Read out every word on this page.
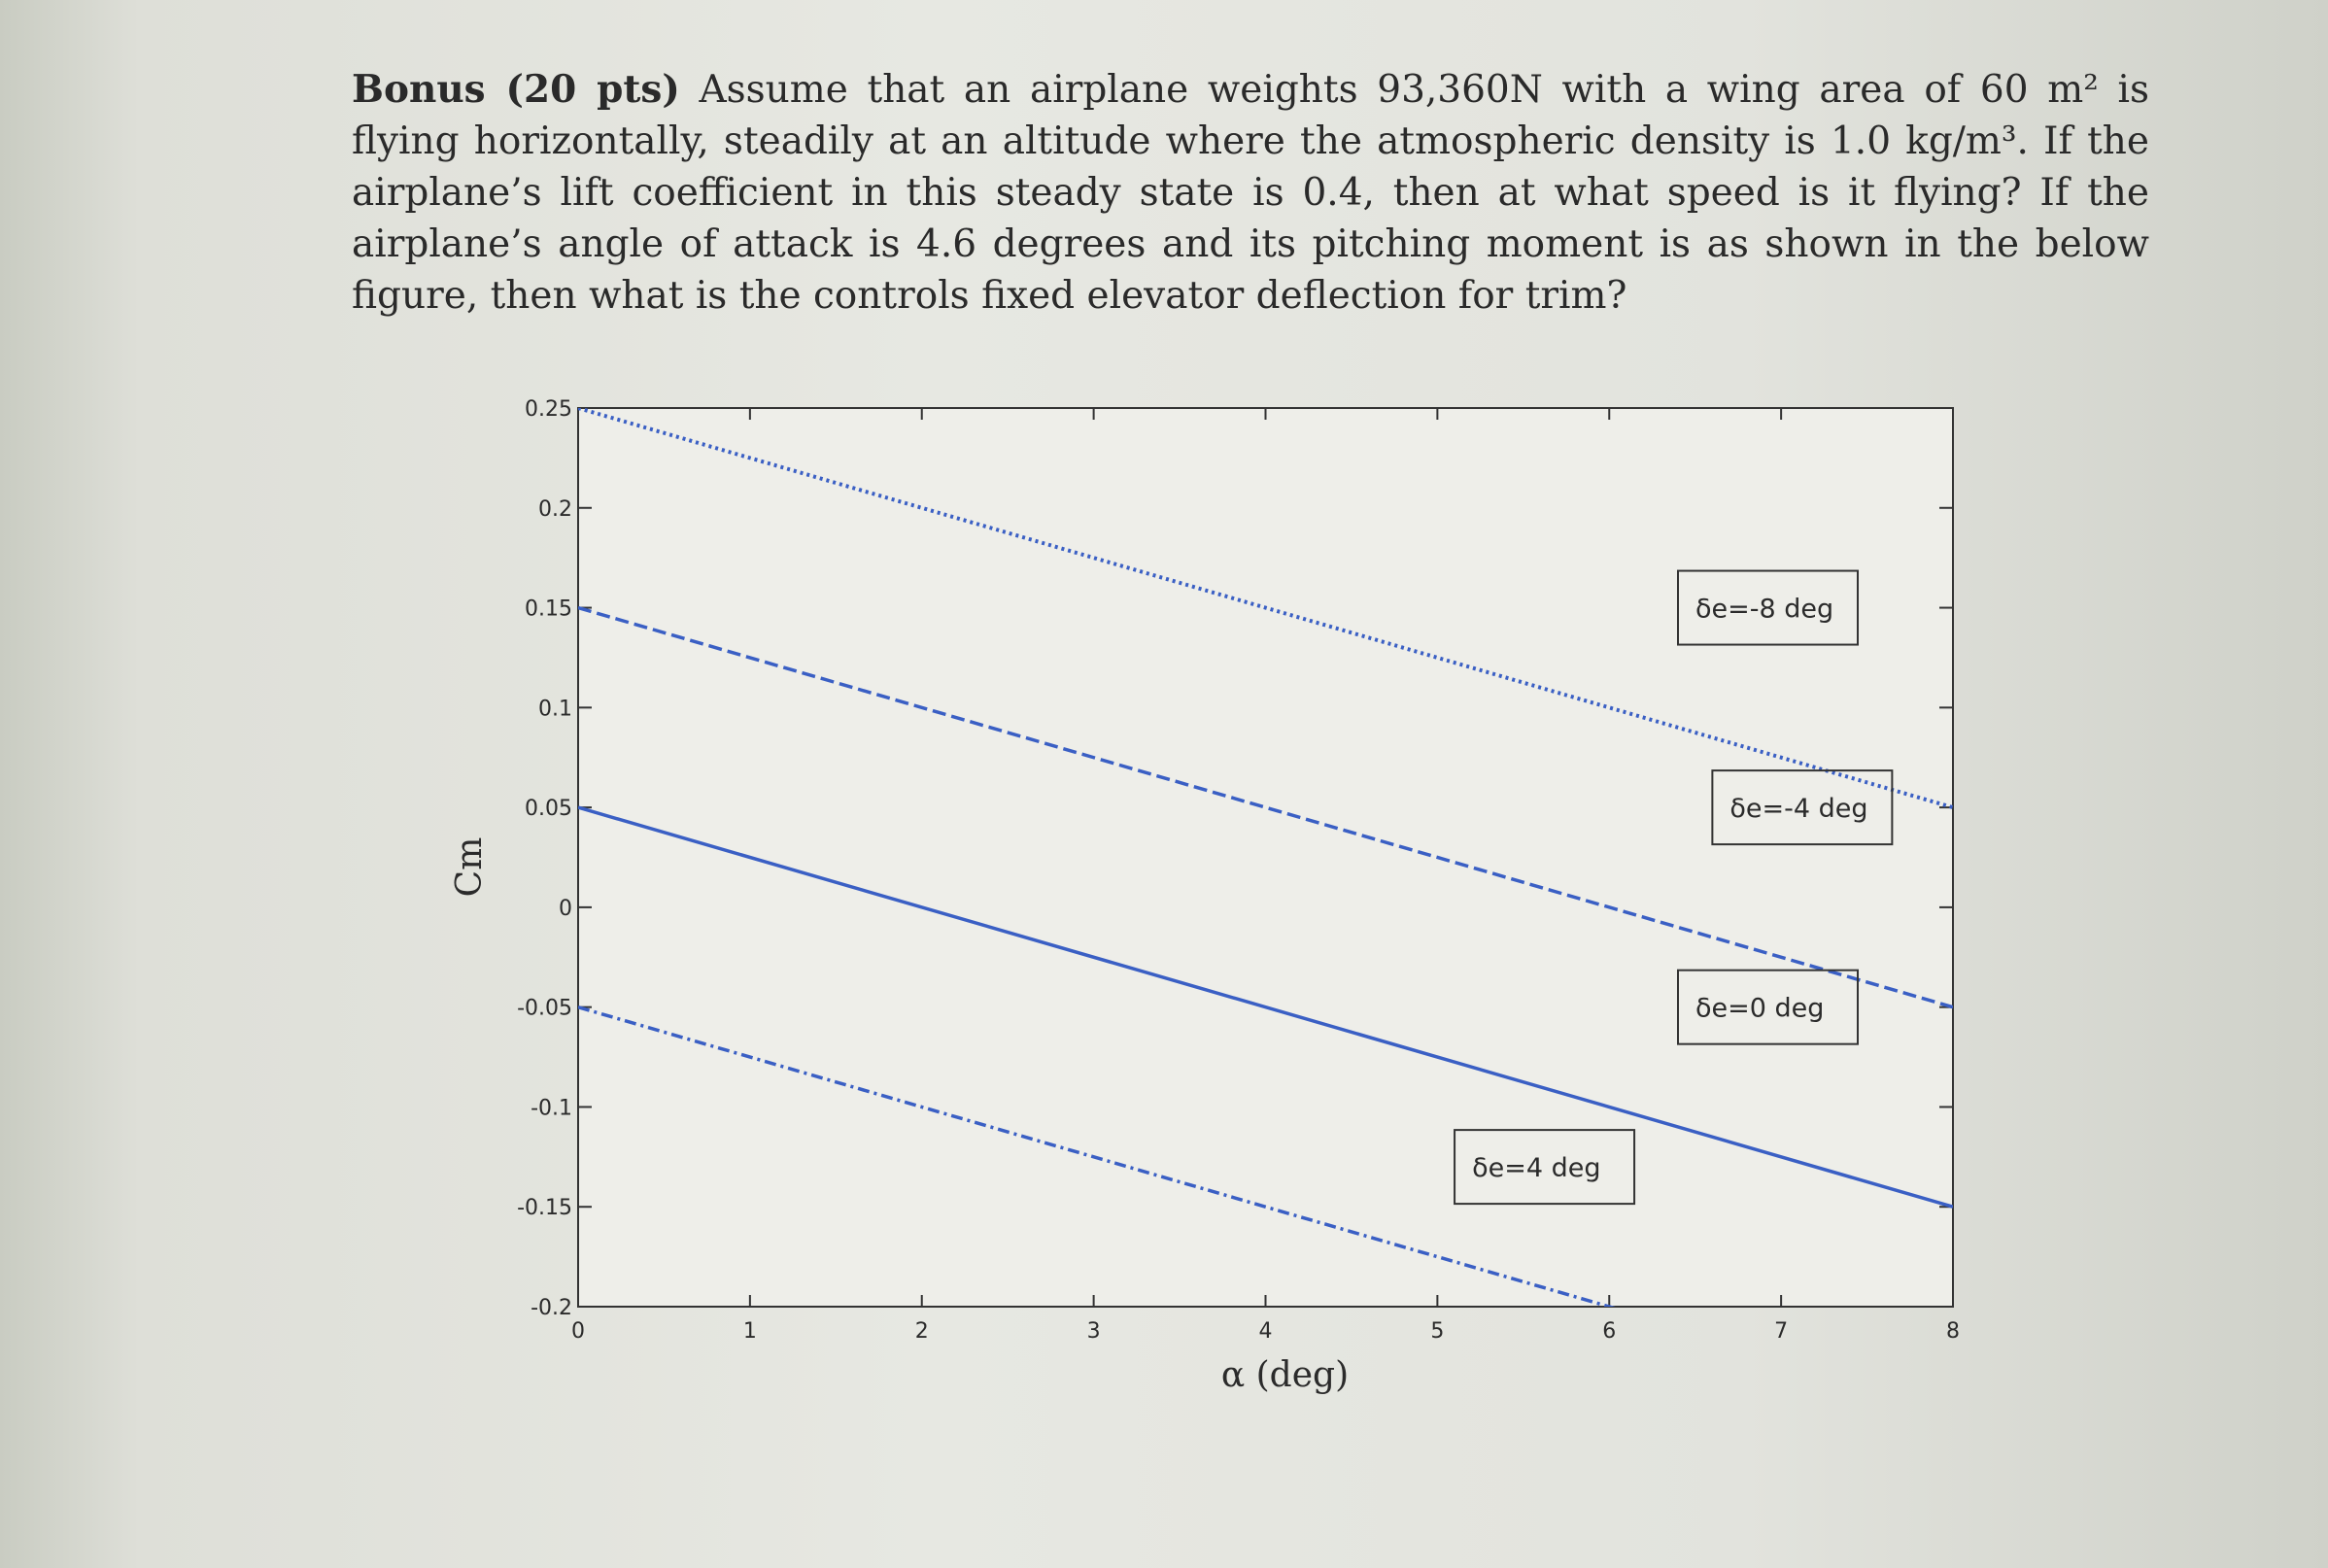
Bonus (20 pts) Assume that an airplane weights 93,360N with a wing area of 60 m² is flying horizontally, steadily at an altitude where the atmospheric density is 1.0 kg/m³. If the airplane’s lift coefficient in this steady state is 0.4, then at what speed is it flying? If the airplane’s angle of attack is 4.6 degrees and its pitching moment is as shown in the below figure, then what is the controls fixed elevator deflection for trim?
0	1	2	3	4	5	6	7	8
0.25
0.2
0.15
0.1
0.05
0
-0.05
-0.1
-0.15
-0.2
δe=-8 deg
δe=-4 deg
δe=0 deg
δe=4 deg
α (deg)
Cm
